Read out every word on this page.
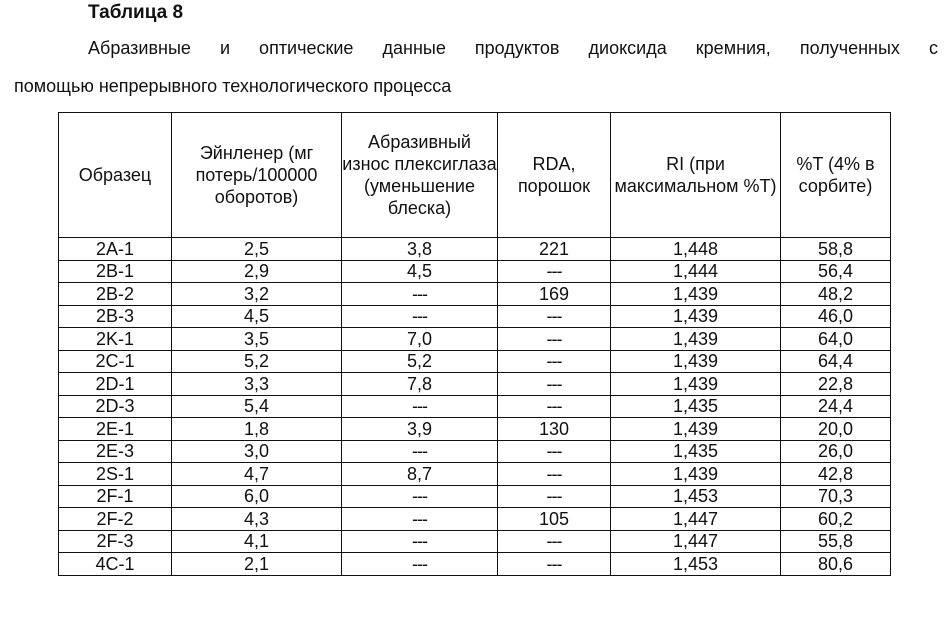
Таблица 8
Абразивные и оптические данные продуктов диоксида кремния, полученных с
помощью непрерывного технологического процесса
Образец	Эйнленер (мг потерь/100000 оборотов)	Абразивный износ плексиглаза (уменьшение блеска)	RDA, порошок	RI (при максимальном %T)	%T (4% в сорбите)
2A-1	2,5	3,8	221	1,448	58,8
2B-1	2,9	4,5	---	1,444	56,4
2B-2	3,2	---	169	1,439	48,2
2B-3	4,5	---	---	1,439	46,0
2K-1	3,5	7,0	---	1,439	64,0
2C-1	5,2	5,2	---	1,439	64,4
2D-1	3,3	7,8	---	1,439	22,8
2D-3	5,4	---	---	1,435	24,4
2E-1	1,8	3,9	130	1,439	20,0
2E-3	3,0	---	---	1,435	26,0
2S-1	4,7	8,7	---	1,439	42,8
2F-1	6,0	---	---	1,453	70,3
2F-2	4,3	---	105	1,447	60,2
2F-3	4,1	---	---	1,447	55,8
4C-1	2,1	---	---	1,453	80,6
